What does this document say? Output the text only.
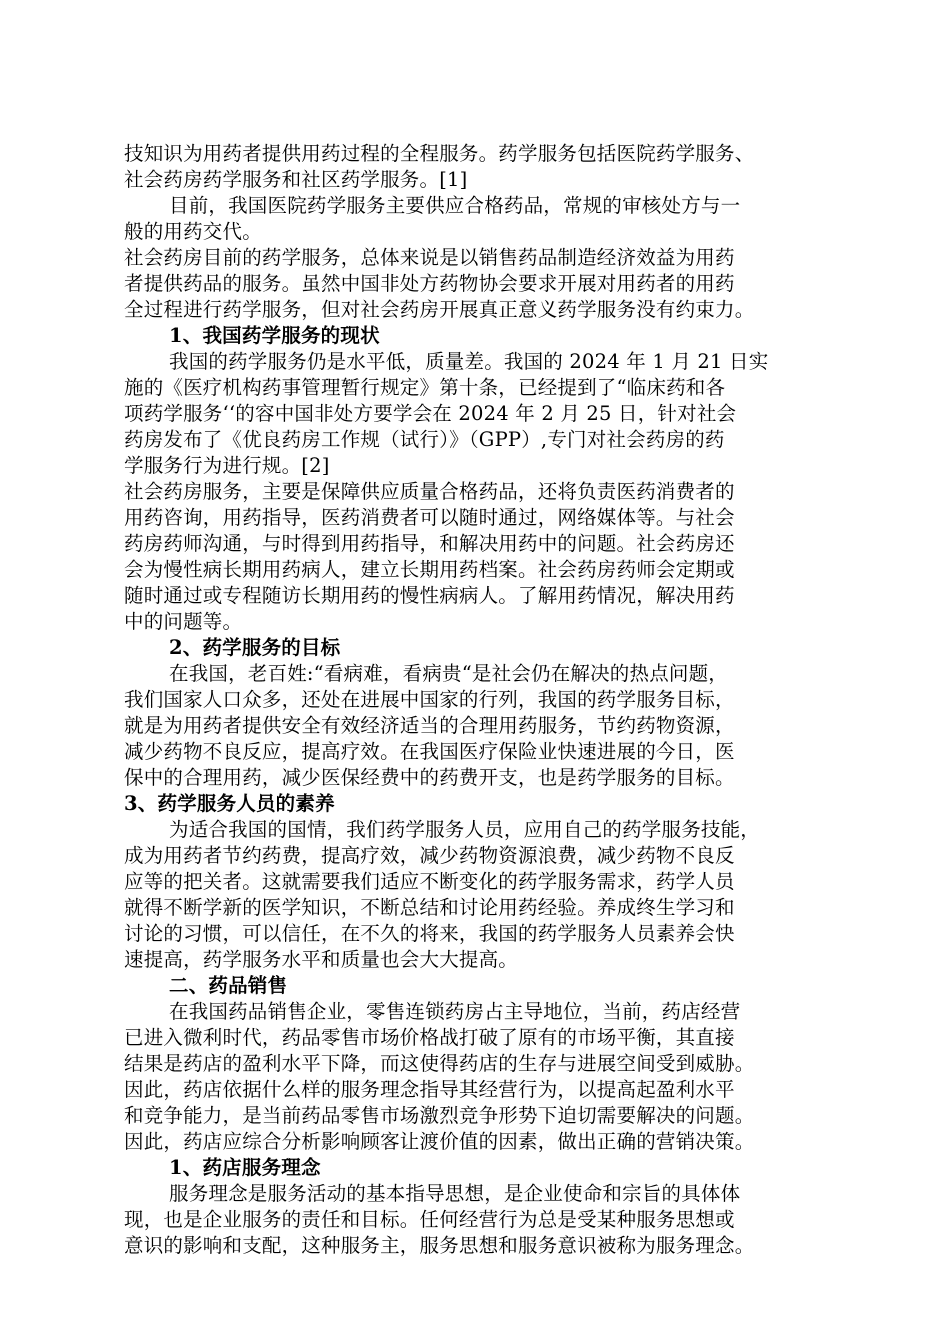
技知识为用药者提供用药过程的全程服务。药学服务包括医院药学服务、
社会药房药学服务和社区药学服务。[1]
目前，我国医院药学服务主要供应合格药品，常规的审核处方与一
般的用药交代。
社会药房目前的药学服务，总体来说是以销售药品制造经济效益为用药
者提供药品的服务。虽然中国非处方药物协会要求开展对用药者的用药
全过程进行药学服务，但对社会药房开展真正意义药学服务没有约束力。
1、我国药学服务的现状
我国的药学服务仍是水平低，质量差。我国的 2024 年 1 月 21 日实
施的《医疗机构药事管理暂行规定》第十条，已经提到了“临床药和各
项药学服务‘‘的容中国非处方要学会在 2024 年 2 月 25 日，针对社会
药房发布了《优良药房工作规（试行）》（GPP）,专门对社会药房的药
学服务行为进行规。[2]
社会药房服务，主要是保障供应质量合格药品，还将负责医药消费者的
用药咨询，用药指导，医药消费者可以随时通过，网络媒体等。与社会
药房药师沟通，与时得到用药指导，和解决用药中的问题。社会药房还
会为慢性病长期用药病人，建立长期用药档案。社会药房药师会定期或
随时通过或专程随访长期用药的慢性病病人。了解用药情况，解决用药
中的问题等。
2、药学服务的目标
在我国，老百姓:“看病难，看病贵“是社会仍在解决的热点问题，
我们国家人口众多，还处在进展中国家的行列，我国的药学服务目标，
就是为用药者提供安全有效经济适当的合理用药服务，节约药物资源，
减少药物不良反应，提高疗效。在我国医疗保险业快速进展的今日，医
保中的合理用药，减少医保经费中的药费开支，也是药学服务的目标。
3、药学服务人员的素养
为适合我国的国情，我们药学服务人员，应用自己的药学服务技能，
成为用药者节约药费，提高疗效，减少药物资源浪费，减少药物不良反
应等的把关者。这就需要我们适应不断变化的药学服务需求，药学人员
就得不断学新的医学知识，不断总结和讨论用药经验。养成终生学习和
讨论的习惯，可以信任，在不久的将来，我国的药学服务人员素养会快
速提高，药学服务水平和质量也会大大提高。
二、药品销售
在我国药品销售企业，零售连锁药房占主导地位，当前，药店经营
已进入微利时代，药品零售市场价格战打破了原有的市场平衡，其直接
结果是药店的盈利水平下降，而这使得药店的生存与进展空间受到威胁。
因此，药店依据什么样的服务理念指导其经营行为，以提高起盈利水平
和竞争能力，是当前药品零售市场激烈竞争形势下迫切需要解决的问题。
因此，药店应综合分析影响顾客让渡价值的因素，做出正确的营销决策。
1、药店服务理念
服务理念是服务活动的基本指导思想，是企业使命和宗旨的具体体
现，也是企业服务的责任和目标。任何经营行为总是受某种服务思想或
意识的影响和支配，这种服务主，服务思想和服务意识被称为服务理念。
